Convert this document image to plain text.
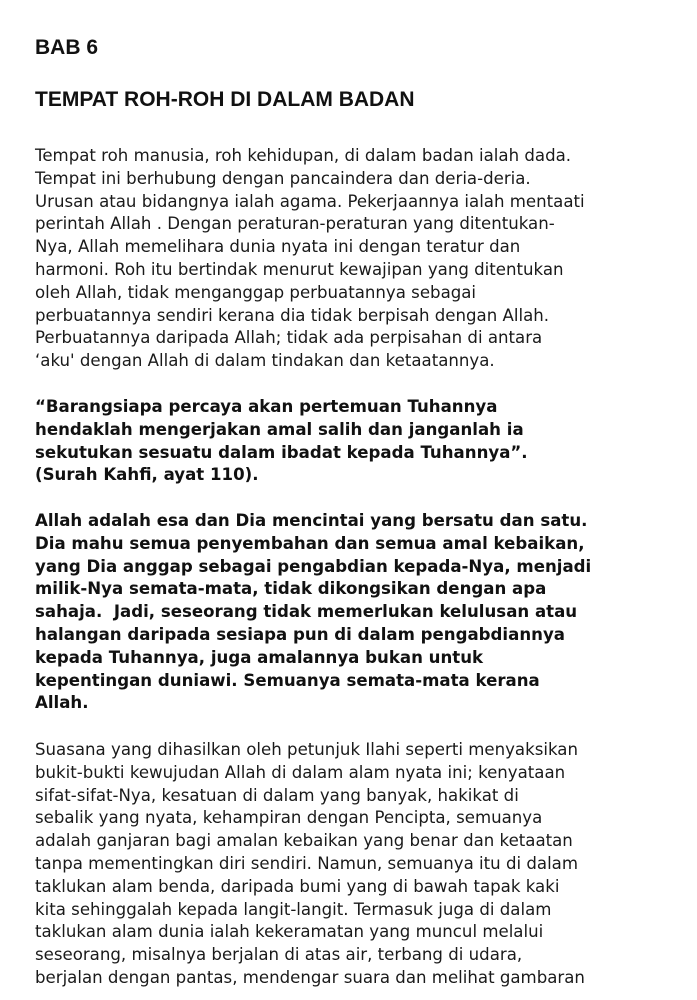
BAB 6
TEMPAT ROH-ROH DI DALAM BADAN
Tempat roh manusia, roh kehidupan, di dalam badan ialah dada.
Tempat ini berhubung dengan pancaindera dan deria-deria.
Urusan atau bidangnya ialah agama. Pekerjaannya ialah mentaati
perintah Allah . Dengan peraturan-peraturan yang ditentukan-
Nya, Allah memelihara dunia nyata ini dengan teratur dan
harmoni. Roh itu bertindak menurut kewajipan yang ditentukan
oleh Allah, tidak menganggap perbuatannya sebagai
perbuatannya sendiri kerana dia tidak berpisah dengan Allah.
Perbuatannya daripada Allah; tidak ada perpisahan di antara
‘aku' dengan Allah di dalam tindakan dan ketaatannya.
“Barangsiapa percaya akan pertemuan Tuhannya
hendaklah mengerjakan amal salih dan janganlah ia
sekutukan sesuatu dalam ibadat kepada Tuhannya”.
(Surah Kahfi, ayat 110).
Allah adalah esa dan Dia mencintai yang bersatu dan satu.
Dia mahu semua penyembahan dan semua amal kebaikan,
yang Dia anggap sebagai pengabdian kepada-Nya, menjadi
milik-Nya semata-mata, tidak dikongsikan dengan apa
sahaja.  Jadi, seseorang tidak memerlukan kelulusan atau
halangan daripada sesiapa pun di dalam pengabdiannya
kepada Tuhannya, juga amalannya bukan untuk
kepentingan duniawi. Semuanya semata-mata kerana
Allah.
Suasana yang dihasilkan oleh petunjuk Ilahi seperti menyaksikan
bukit-bukti kewujudan Allah di dalam alam nyata ini; kenyataan
sifat-sifat-Nya, kesatuan di dalam yang banyak, hakikat di
sebalik yang nyata, kehampiran dengan Pencipta, semuanya
adalah ganjaran bagi amalan kebaikan yang benar dan ketaatan
tanpa mementingkan diri sendiri. Namun, semuanya itu di dalam
taklukan alam benda, daripada bumi yang di bawah tapak kaki
kita sehinggalah kepada langit-langit. Termasuk juga di dalam
taklukan alam dunia ialah kekeramatan yang muncul melalui
seseorang, misalnya berjalan di atas air, terbang di udara,
berjalan dengan pantas, mendengar suara dan melihat gambaran
